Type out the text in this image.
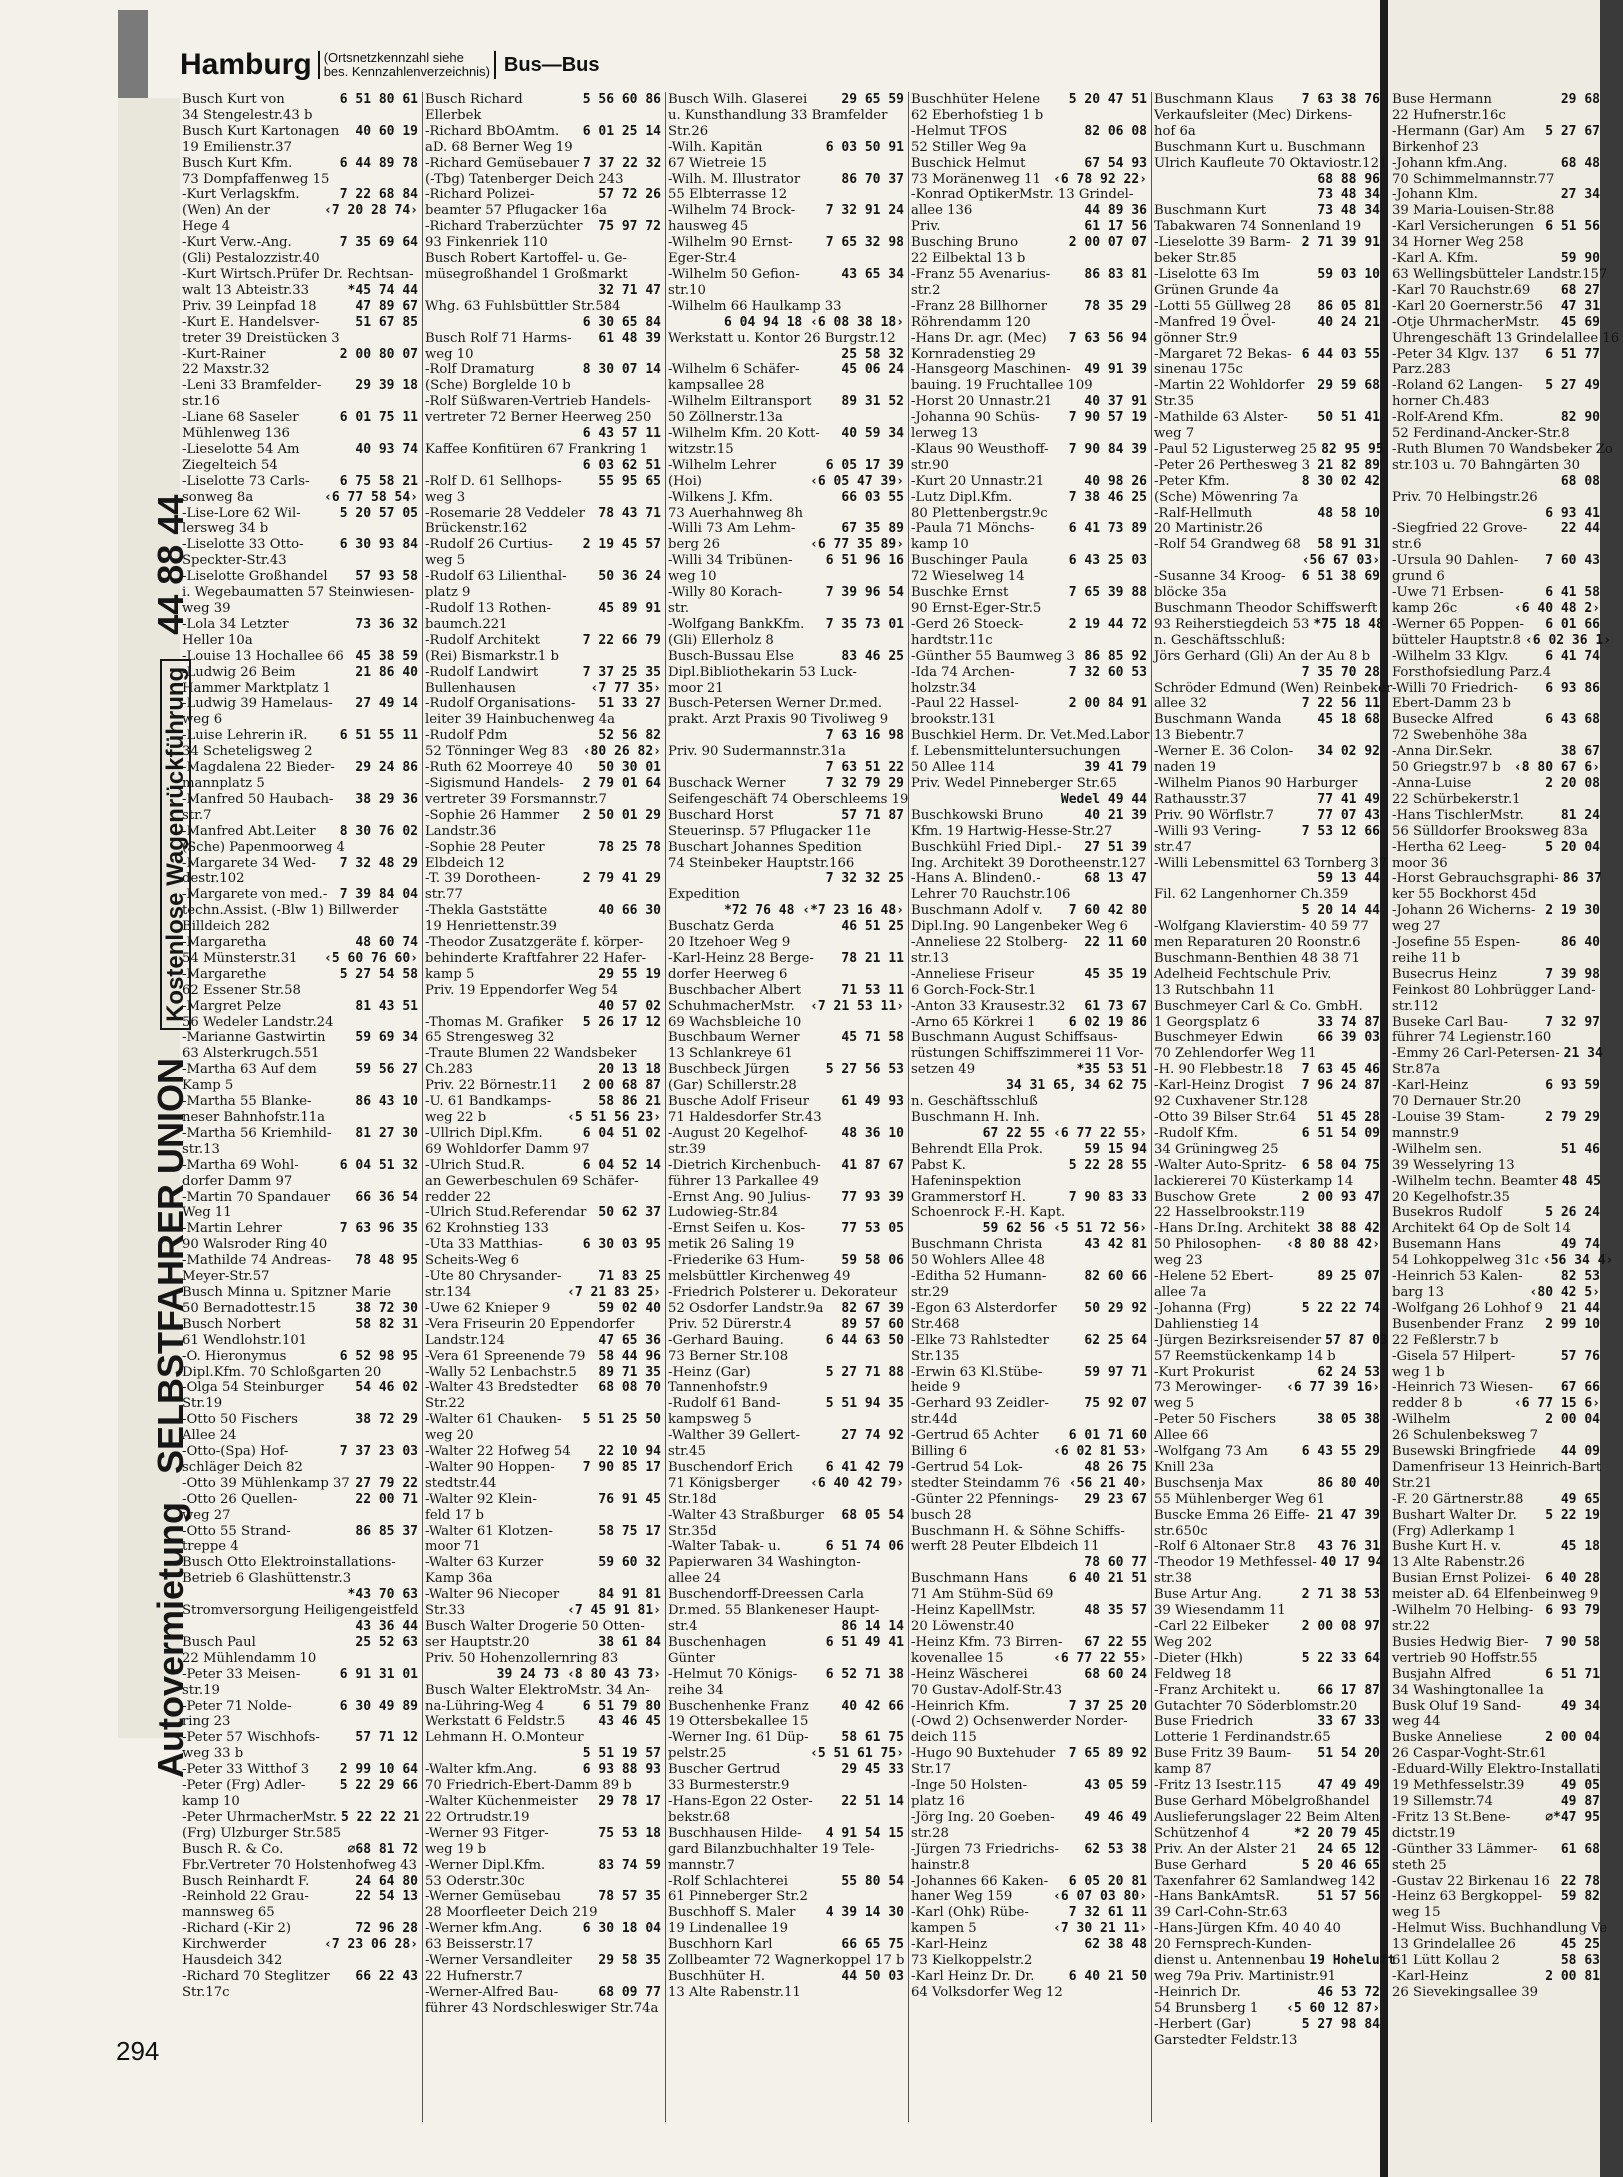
Hamburg (Ortsnetzkennzahl siehe
bes. Kennzahlenverzeichnis) Bus—Bus
Autovermietung SELBSTFAHRER UNION Kostenlose Wagenrückführung 44 88 44
Busch Kurt von	6 51 80 61
34 Stengelestr.43 b
Busch Kurt Kartonagen	40 60 19
19 Emilienstr.37
Busch Kurt Kfm.	6 44 89 78
73 Dompfaffenweg 15
-Kurt Verlagskfm.	7 22 68 84
(Wen) An der	‹7 20 28 74›
Hege 4
-Kurt Verw.-Ang.	7 35 69 64
(Gli) Pestalozzistr.40
-Kurt Wirtsch.Prüfer Dr. Rechtsan-
walt 13 Abteistr.33	*45 74 44
Priv. 39 Leinpfad 18	47 89 67
-Kurt E. Handelsver-	51 67 85
treter 39 Dreistücken 3
-Kurt-Rainer	2 00 80 07
22 Maxstr.32
-Leni 33 Bramfelder-	29 39 18
str.16
-Liane 68 Saseler	6 01 75 11
Mühlenweg 136
-Lieselotte 54 Am	40 93 74
Ziegelteich 54
-Liselotte 73 Carls-	6 75 58 21
sonweg 8a	‹6 77 58 54›
-Lise-Lore 62 Wil-	5 20 57 05
lersweg 34 b
-Liselotte 33 Otto-	6 30 93 84
Speckter-Str.43
-Liselotte Großhandel	57 93 58
i. Wegebaumatten 57 Steinwiesen-
weg 39
-Lola 34 Letzter	73 36 32
Heller 10a
-Louise 13 Hochallee 66 45 38 59
-Ludwig 26 Beim	21 86 40
Hammer Marktplatz 1
-Ludwig 39 Hamelaus-	27 49 14
weg 6
-Luise Lehrerin iR.	6 51 55 11
34 Scheteligsweg 2
-Magdalena 22 Bieder-	29 24 86
mannplatz 5
-Manfred 50 Haubach-	38 29 36
str.7
-Manfred Abt.Leiter	8 30 76 02
(Sche) Papenmoorweg 4
-Margarete 34 Wed-	7 32 48 29
destr.102
-Margarete von med.- 7 39 84 04
techn.Assist. (-Blw 1) Billwerder
Billdeich 282
-Margaretha	48 60 74
54 Münsterstr.31	‹5 60 76 60›
-Margarethe	5 27 54 58
62 Essener Str.58
-Margret Pelze	81 43 51
56 Wedeler Landstr.24
-Marianne Gastwirtin	59 69 34
63 Alsterkrugch.551
-Martha 63 Auf dem	59 56 27
Kamp 5
-Martha 55 Blanke-	86 43 10
neser Bahnhofstr.11a
-Martha 56 Kriemhild-	81 27 30
str.13
-Martha 69 Wohl-	6 04 51 32
dorfer Damm 97
-Martin 70 Spandauer	66 36 54
Weg 11
-Martin Lehrer	7 63 96 35
90 Walsroder Ring 40
-Mathilde 74 Andreas-	78 48 95
Meyer-Str.57
Busch Minna u. Spitzner Marie
50 Bernadottestr.15	38 72 30
Busch Norbert	58 82 31
61 Wendlohstr.101
-O. Hieronymus	6 52 98 95
Dipl.Kfm. 70 Schloßgarten 20
-Olga 54 Steinburger	54 46 02
Str.19
-Otto 50 Fischers	38 72 29
Allee 24
-Otto-(Spa) Hof-	7 37 23 03
schläger Deich 82
-Otto 39 Mühlenkamp 37 27 79 22
-Otto 26 Quellen-	22 00 71
weg 27
-Otto 55 Strand-	86 85 37
treppe 4
Busch Otto Elektroinstallations-
Betrieb 6 Glashüttenstr.3
*43 70 63
Stromversorgung Heiligengeistfeld
43 36 44
Busch Paul	25 52 63
22 Mühlendamm 10
-Peter 33 Meisen-	6 91 31 01
str.19
-Peter 71 Nolde-	6 30 49 89
ring 23
-Peter 57 Wischhofs-	57 71 12
weg 33 b
-Peter 33 Witthof 3	2 99 10 64
-Peter (Frg) Adler-	5 22 29 66
kamp 10
-Peter UhrmacherMstr. 5 22 22 21
(Frg) Ulzburger Str.585
Busch R. & Co.	⌀68 81 72
Fbr.Vertreter 70 Holstenhofweg 43
Busch Reinhardt F.	24 64 80
-Reinhold 22 Grau-	22 54 13
mannsweg 65
-Richard (-Kir 2)	72 96 28
Kirchwerder	‹7 23 06 28›
Hausdeich 342
-Richard 70 Steglitzer	66 22 43
Str.17c
Busch Richard	5 56 60 86
Ellerbek
-Richard BbOAmtm.	6 01 25 14
aD. 68 Berner Weg 19
-Richard Gemüsebauer 7 37 22 32
(-Tbg) Tatenberger Deich 243
-Richard Polizei-	57 72 26
beamter 57 Pflugacker 16a
-Richard Traberzüchter	75 97 72
93 Finkenriek 110
Busch Robert Kartoffel- u. Ge-
müsegroßhandel 1 Großmarkt
32 71 47
Whg. 63 Fuhlsbüttler Str.584
6 30 65 84
Busch Rolf 71 Harms-	61 48 39
weg 10
-Rolf Dramaturg	8 30 07 14
(Sche) Borglelde 10 b
-Rolf Süßwaren-Vertrieb Handels-
vertreter 72 Berner Heerweg 250
6 43 57 11
Kaffee Konfitüren 67 Frankring 1
6 03 62 51
-Rolf D. 61 Sellhops-	55 95 65
weg 3
-Rosemarie 28 Veddeler	78 43 71
Brückenstr.162
-Rudolf 26 Curtius-	2 19 45 57
weg 5
-Rudolf 63 Lilienthal-	50 36 24
platz 9
-Rudolf 13 Rothen-	45 89 91
baumch.221
-Rudolf Architekt	7 22 66 79
(Rei) Bismarkstr.1 b
-Rudolf Landwirt	7 37 25 35
Bullenhausen	‹7 77 35›
-Rudolf Organisations-	51 33 27
leiter 39 Hainbuchenweg 4a
-Rudolf Pdm	52 56 82
52 Tönninger Weg 83	‹80 26 82›
-Ruth 62 Moorreye 40	50 30 01
-Sigismund Handels-	2 79 01 64
vertreter 39 Forsmannstr.7
-Sophie 26 Hammer	2 50 01 29
Landstr.36
-Sophie 28 Peuter	78 25 78
Elbdeich 12
-T. 39 Dorotheen-	2 79 41 29
str.77
-Thekla Gaststätte	40 66 30
19 Henriettenstr.39
-Theodor Zusatzgeräte f. körper-
behinderte Kraftfahrer 22 Hafer-
kamp 5	29 55 19
Priv. 19 Eppendorfer Weg 54
40 57 02
-Thomas M. Grafiker	5 26 17 12
65 Strengesweg 32
-Traute Blumen 22 Wandsbeker
Ch.283	20 13 18
Priv. 22 Börnestr.11	2 00 68 87
-U. 61 Bandkamps-	58 86 21
weg 22 b	‹5 51 56 23›
-Ullrich Dipl.Kfm.	6 04 51 02
69 Wohldorfer Damm 97
-Ulrich Stud.R.	6 04 52 14
an Gewerbeschulen 69 Schäfer-
redder 22
-Ulrich Stud.Referendar 50 62 37
62 Krohnstieg 133
-Uta 33 Matthias-	6 30 03 95
Scheits-Weg 6
-Ute 80 Chrysander-	71 83 25
str.134	‹7 21 83 25›
-Uwe 62 Knieper 9	59 02 40
-Vera Friseurin 20 Eppendorfer
Landstr.124	47 65 36
-Vera 61 Spreenende 79	58 44 96
-Wally 52 Lenbachstr.5	89 71 35
-Walter 43 Bredstedter	68 08 70
Str.22
-Walter 61 Chauken-	5 51 25 50
weg 20
-Walter 22 Hofweg 54	22 10 94
-Walter 90 Hoppen-	7 90 85 17
stedtstr.44
-Walter 92 Klein-	76 91 45
feld 17 b
-Walter 61 Klotzen-	58 75 17
moor 71
-Walter 63 Kurzer	59 60 32
Kamp 36a
-Walter 96 Niecoper	84 91 81
Str.33	‹7 45 91 81›
Busch Walter Drogerie 50 Otten-
ser Hauptstr.20	38 61 84
Priv. 50 Hohenzollernring 83
39 24 73 ‹8 80 43 73›
Busch Walter ElektroMstr. 34 An-
na-Lühring-Weg 4	6 51 79 80
Werkstatt 6 Feldstr.5	43 46 45
Lehmann H. O.Monteur
5 51 19 57
-Walter kfm.Ang.	6 93 88 93
70 Friedrich-Ebert-Damm 89 b
-Walter Küchenmeister	29 78 17
22 Ortrudstr.19
-Werner 93 Fitger-	75 53 18
weg 19 b
-Werner Dipl.Kfm.	83 74 59
53 Oderstr.30c
-Werner Gemüsebau	78 57 35
28 Moorfleeter Deich 219
-Werner kfm.Ang.	6 30 18 04
63 Beisserstr.17
-Werner Versandleiter	29 58 35
22 Hufnerstr.7
-Werner-Alfred Bau-	68 09 77
führer 43 Nordschleswiger Str.74a
Busch Wilh. Glaserei	29 65 59
u. Kunsthandlung 33 Bramfelder
Str.26
-Wilh. Kapitän	6 03 50 91
67 Wietreie 15
-Wilh. M. Illustrator	86 70 37
55 Elbterrasse 12
-Wilhelm 74 Brock-	7 32 91 24
hausweg 45
-Wilhelm 90 Ernst-	7 65 32 98
Eger-Str.4
-Wilhelm 50 Gefion-	43 65 34
str.10
-Wilhelm 66 Haulkamp 33
6 04 94 18 ‹6 08 38 18›
Werkstatt u. Kontor 26 Burgstr.12
25 58 32
-Wilhelm 6 Schäfer-	45 06 24
kampsallee 28
-Wilhelm Eiltransport	89 31 52
50 Zöllnerstr.13a
-Wilhelm Kfm. 20 Kott-	40 59 34
witzstr.15
-Wilhelm Lehrer	6 05 17 39
(Hoi)	‹6 05 47 39›
-Wilkens J. Kfm.	66 03 55
73 Auerhahnweg 8h
-Willi 73 Am Lehm-	67 35 89
berg 26	‹6 77 35 89›
-Willi 34 Tribünen-	6 51 96 16
weg 10
-Willy 80 Korach-	7 39 96 54
str.
-Wolfgang BankKfm.	7 35 73 01
(Gli) Ellerholz 8
Busch-Bussau Else	83 46 25
Dipl.Bibliothekarin 53 Luck-
moor 21
Busch-Petersen Werner Dr.med.
prakt. Arzt Praxis 90 Tivoliweg 9
7 63 16 98
Priv. 90 Sudermannstr.31a
7 63 51 22
Buschack Werner	7 32 79 29
Seifengeschäft 74 Oberschleems 19
Buschard Horst	57 71 87
Steuerinsp. 57 Pflugacker 11e
Buschart Johannes Spedition
74 Steinbeker Hauptstr.166
7 32 32 25
Expedition
*72 76 48 ‹*7 23 16 48›
Buschatz Gerda	46 51 25
20 Itzehoer Weg 9
-Karl-Heinz 28 Berge-	78 21 11
dorfer Heerweg 6
Buschbacher Albert	71 53 11
SchuhmacherMstr.	‹7 21 53 11›
69 Wachsbleiche 10
Buschbaum Werner	45 71 58
13 Schlankreye 61
Buschbeck Jürgen	5 27 56 53
(Gar) Schillerstr.28
Busche Adolf Friseur	61 49 93
71 Haldesdorfer Str.43
-August 20 Kegelhof-	48 36 10
str.39
-Dietrich Kirchenbuch-	41 87 67
führer 13 Parkallee 49
-Ernst Ang. 90 Julius-	77 93 39
Ludowieg-Str.84
-Ernst Seifen u. Kos-	77 53 05
metik 26 Saling 19
-Friederike 63 Hum-	59 58 06
melsbüttler Kirchenweg 49
-Friedrich Polsterer u. Dekorateur
52 Osdorfer Landstr.9a	82 67 39
Priv. 52 Dürerstr.4	89 57 60
-Gerhard Bauing.	6 44 63 50
73 Berner Str.108
-Heinz (Gar)	5 27 71 88
Tannenhofstr.9
-Rudolf 61 Band-	5 51 94 35
kampsweg 5
-Walther 39 Gellert-	27 74 92
str.45
Buschendorf Erich	6 41 42 79
71 Königsberger	‹6 40 42 79›
Str.18d
-Walter 43 Straßburger	68 05 54
Str.35d
-Walter Tabak- u.	6 51 74 06
Papierwaren 34 Washington-
allee 24
Buschendorff-Dreessen Carla
Dr.med. 55 Blankeneser Haupt-
str.4	86 14 14
Buschenhagen	6 51 49 41
Günter
-Helmut 70 Königs-	6 52 71 38
reihe 34
Buschenhenke Franz	40 42 66
19 Ottersbekallee 15
-Werner Ing. 61 Düp-	58 61 75
pelstr.25	‹5 51 61 75›
Buscher Gertrud	29 45 33
33 Burmesterstr.9
-Hans-Egon 22 Oster-	22 51 14
bekstr.68
Buschhausen Hilde-	4 91 54 15
gard Bilanzbuchhalter 19 Tele-
mannstr.7
-Rolf Schlachterei	55 80 54
61 Pinneberger Str.2
Buschhoff S. Maler	4 39 14 30
19 Lindenallee 19
Buschhorn Karl	66 65 75
Zollbeamter 72 Wagnerkoppel 17 b
Buschhüter H.	44 50 03
13 Alte Rabenstr.11
Buschhüter Helene	5 20 47 51
62 Eberhofstieg 1 b
-Helmut TFOS	82 06 08
52 Stiller Weg 9a
Buschick Helmut	67 54 93
73 Moränenweg 11 ‹6 78 92 22›
-Konrad OptikerMstr. 13 Grindel-
allee 136	44 89 36
Priv.	61 17 56
Busching Bruno	2 00 07 07
22 Eilbektal 13 b
-Franz 55 Avenarius-	86 83 81
str.2
-Franz 28 Billhorner	78 35 29
Röhrendamm 120
-Hans Dr. agr. (Mec)	7 63 56 94
Kornradenstieg 29
-Hansgeorg Maschinen-	49 91 39
bauing. 19 Fruchtallee 109
-Horst 20 Unnastr.21	40 37 91
-Johanna 90 Schüs-	7 90 57 19
lerweg 13
-Klaus 90 Weusthoff-	7 90 84 39
str.90
-Kurt 20 Unnastr.21	40 98 26
-Lutz Dipl.Kfm.	7 38 46 25
80 Plettenbergstr.9c
-Paula 71 Mönchs-	6 41 73 89
kamp 10
Buschinger Paula	6 43 25 03
72 Wieselweg 14
Buschke Ernst	7 65 39 88
90 Ernst-Eger-Str.5
-Gerd 26 Stoeck-	2 19 44 72
hardtstr.11c
-Günther 55 Baumweg 3 86 85 92
-Ida 74 Archen-	7 32 60 53
holzstr.34
-Paul 22 Hassel-	2 00 84 91
brookstr.131
Buschkiel Herm. Dr. Vet.Med.Labor
f. Lebensmitteluntersuchungen
50 Allee 114	39 41 79
Priv. Wedel Pinneberger Str.65
Wedel 49 44
Buschkowski Bruno	40 21 39
Kfm. 19 Hartwig-Hesse-Str.27
Buschkühl Fried Dipl.-	27 51 39
Ing. Architekt 39 Dorotheenstr.127
-Hans A. Blinden0.-	68 13 47
Lehrer 70 Rauchstr.106
Buschmann Adolf v.	7 60 42 80
Dipl.Ing. 90 Langenbeker Weg 6
-Anneliese 22 Stolberg-	22 11 60
str.13
-Anneliese Friseur	45 35 19
6 Gorch-Fock-Str.1
-Anton 33 Krausestr.32	61 73 67
-Arno 65 Körkrei 1	6 02 19 86
Buschmann August Schiffsaus-
rüstungen Schiffszimmerei 11 Vor-
setzen 49	*35 53 51
34 31 65, 34 62 75
n. Geschäftsschluß
Buschmann H. Inh.
67 22 55 ‹6 77 22 55›
Behrendt Ella Prok.	59 15 94
Pabst K.	5 22 28 55
Hafeninspektion
Grammerstorf H.	7 90 83 33
Schoenrock F.-H. Kapt.
59 62 56 ‹5 51 72 56›
Buschmann Christa	43 42 81
50 Wohlers Allee 48
-Editha 52 Humann-	82 60 66
str.29
-Egon 63 Alsterdorfer	50 29 92
Str.468
-Elke 73 Rahlstedter	62 25 64
Str.135
-Erwin 63 Kl.Stübe-	59 97 71
heide 9
-Gerhard 93 Zeidler-	75 92 07
str.44d
-Gertrud 65 Achter	6 01 71 60
Billing 6	‹6 02 81 53›
-Gertrud 54 Lok-	48 26 75
stedter Steindamm 76 ‹56 21 40›
-Günter 22 Pfennings-	29 23 67
busch 28
Buschmann H. & Söhne Schiffs-
werft 28 Peuter Elbdeich 11
78 60 77
Buschmann Hans	6 40 21 51
71 Am Stühm-Süd 69
-Heinz KapellMstr.	48 35 57
20 Löwenstr.40
-Heinz Kfm. 73 Birren-	67 22 55
kovenallee 15	‹6 77 22 55›
-Heinz Wäscherei	68 60 24
70 Gustav-Adolf-Str.43
-Heinrich Kfm.	7 37 25 20
(-Owd 2) Ochsenwerder Norder-
deich 115
-Hugo 90 Buxtehuder	7 65 89 92
Str.17
-Inge 50 Holsten-	43 05 59
platz 16
-Jörg Ing. 20 Goeben-	49 46 49
str.28
-Jürgen 73 Friedrichs-	62 53 38
hainstr.8
-Johannes 66 Kaken-	6 05 20 81
haner Weg 159	‹6 07 03 80›
-Karl (Ohk) Rübe-	7 32 61 11
kampen 5	‹7 30 21 11›
-Karl-Heinz	62 38 48
73 Kielkoppelstr.2
-Karl Heinz Dr. Dr.	6 40 21 50
64 Volksdorfer Weg 12
Buschmann Klaus	7 63 38 76
Verkaufsleiter (Mec) Dirkens-
hof 6a
Buschmann Kurt u. Buschmann
Ulrich Kaufleute 70 Oktaviostr.121
68 88 96
73 48 34
Buschmann Kurt	73 48 34
Tabakwaren 74 Sonnenland 19
-Lieselotte 39 Barm- 2 71 39 91
beker Str.85
-Liselotte 63 Im	59 03 10
Grünen Grunde 4a
-Lotti 55 Güllweg 28	86 05 81
-Manfred 19 Övel-	40 24 21
gönner Str.9
-Margaret 72 Bekas- 6 44 03 55
sinenau 175c
-Martin 22 Wohldorfer	29 59 68
Str.35
-Mathilde 63 Alster-	50 51 41
weg 7
-Paul 52 Ligusterweg 25 82 95 95
-Peter 26 Perthesweg 3 21 82 89
-Peter Kfm.	8 30 02 42
(Sche) Möwenring 7a
-Ralf-Hellmuth	48 58 10
20 Martinistr.26
-Rolf 54 Grandweg 68	58 91 31
‹56 67 03›
-Susanne 34 Kroog-	6 51 38 69
blöcke 35a
Buschmann Theodor Schiffswerft
93 Reiherstiegdeich 53 *75 18 48
n. Geschäftsschluß:
Jörs Gerhard (Gli) An der Au 8 b
7 35 70 28
Schröder Edmund (Wen) Reinbeker
allee 32	7 22 56 11
Buschmann Wanda	45 18 68
13 Biebentr.7
-Werner E. 36 Colon-	34 02 92
naden 19
-Wilhelm Pianos 90 Harburger
Rathausstr.37	77 41 49
Priv. 90 Wörflstr.7	77 07 43
-Willi 93 Vering-	7 53 12 66
str.47
-Willi Lebensmittel 63 Tornberg 37
59 13 44
Fil. 62 Langenhorner Ch.359
5 20 14 44
-Wolfgang Klavierstim- 40 59 77
men Reparaturen 20 Roonstr.6
Buschmann-Benthien 48 38 71
Adelheid Fechtschule Priv.
13 Rutschbahn 11
Buschmeyer Carl & Co. GmbH.
1 Georgsplatz 6	33 74 87
Buschmeyer Edwin	66 39 03
70 Zehlendorfer Weg 11
-H. 90 Flebbestr.18	7 63 45 46
-Karl-Heinz Drogist	7 96 24 87
92 Cuxhavener Str.128
-Otto 39 Bilser Str.64	51 45 28
-Rudolf Kfm.	6 51 54 09
34 Grüningweg 25
-Walter Auto-Spritz-	6 58 04 75
lackiererei 70 Küsterkamp 14
Buschow Grete	2 00 93 47
22 Hasselbrookstr.119
-Hans Dr.Ing. Architekt 38 88 42
50 Philosophen-	‹8 80 88 42›
weg 23
-Helene 52 Ebert-	89 25 07
allee 7a
-Johanna (Frg)	5 22 22 74
Dahlienstieg 14
-Jürgen Bezirksreisender 57 87 03
57 Reemstückenkamp 14 b
-Kurt Prokurist	62 24 53
73 Merowinger-	‹6 77 39 16›
weg 5
-Peter 50 Fischers	38 05 38
Allee 66
-Wolfgang 73 Am	6 43 55 29
Knill 23a
Buschsenja Max	86 80 40
55 Mühlenberger Weg 61
Buscke Emma 26 Eiffe- 21 47 39
str.650c
-Rolf 6 Altonaer Str.8	43 76 31
-Theodor 19 Methfessel- 40 17 94
str.38
Buse Artur Ang.	2 71 38 53
39 Wiesendamm 11
-Carl 22 Eilbeker	2 00 08 97
Weg 202
-Dieter (Hkh)	5 22 33 64
Feldweg 18
-Franz Architekt u.	66 17 87
Gutachter 70 Söderblomstr.20
Buse Friedrich	33 67 33
Lotterie 1 Ferdinandstr.65
Buse Fritz 39 Baum-	51 54 20
kamp 87
-Fritz 13 Isestr.115	47 49 49
Buse Gerhard Möbelgroßhandel
Auslieferungslager 22 Beim Alten
Schützenhof 4	*2 20 79 45
Priv. An der Alster 21	24 65 12
Buse Gerhard	5 20 46 65
Taxenfahrer 62 Samlandweg 142
-Hans BankAmtsR.	51 57 56
39 Carl-Cohn-Str.63
-Hans-Jürgen Kfm. 40 40 40
20 Fernsprech-Kunden-
dienst u. Antennenbau 19 Hoheluft
weg 79a Priv. Martinistr.91
-Heinrich Dr.	46 53 72
54 Brunsberg 1	‹5 60 12 87›
-Herbert (Gar)	5 27 98 84
Garstedter Feldstr.13
Buse Hermann	29 68
22 Hufnerstr.16c
-Hermann (Gar) Am	5 27 67
Birkenhof 23
-Johann kfm.Ang.	68 48
70 Schimmelmannstr.77
-Johann Klm.	27 34
39 Maria-Louisen-Str.88
-Karl Versicherungen 6 51 56
34 Horner Weg 258
-Karl A. Kfm.	59 90
63 Wellingsbütteler Landstr.157
-Karl 70 Rauchstr.69	68 27
-Karl 20 Goernerstr.56	47 31
-Otje UhrmacherMstr.	45 69
Uhrengeschäft 13 Grindelallee 16
-Peter 34 Klgv. 137	6 51 77
Parz.283
-Roland 62 Langen-	5 27 49
horner Ch.483
-Rolf-Arend Kfm.	82 90
52 Ferdinand-Ancker-Str.8
-Ruth Blumen 70 Wandsbeker Zo
str.103 u. 70 Bahngärten 30
68 08
Priv. 70 Helbingstr.26
6 93 41
-Siegfried 22 Grove-	22 44
str.6
-Ursula 90 Dahlen-	7 60 43
grund 6
-Uwe 71 Erbsen-	6 41 58
kamp 26c	‹6 40 48 2›
-Werner 65 Poppen-	6 01 66
bütteler Hauptstr.8 ‹6 02 36 1›
-Wilhelm 33 Klgv.	6 41 74
Forsthofsiedlung Parz.4
-Willi 70 Friedrich-	6 93 86
Ebert-Damm 23 b
Busecke Alfred	6 43 68
72 Swebenhöhe 38a
-Anna Dir.Sekr.	38 67
50 Griegstr.97 b	‹8 80 67 6›
-Anna-Luise	2 20 08
22 Schürbekerstr.1
-Hans TischlerMstr.	81 24
56 Sülldorfer Brooksweg 83a
-Hertha 62 Leeg-	5 20 04
moor 36
-Horst Gebrauchsgraphi- 86 37
ker 55 Bockhorst 45d
-Johann 26 Wicherns- 2 19 30
weg 27
-Josefine 55 Espen-	86 40
reihe 11 b
Busecrus Heinz	7 39 98
Feinkost 80 Lohbrügger Land-
str.112
Buseke Carl Bau-	7 32 97
führer 74 Legienstr.160
-Emmy 26 Carl-Petersen- 21 34
Str.87a
-Karl-Heinz	6 93 59
70 Dernauer Str.20
-Louise 39 Stam-	2 79 29
mannstr.9
-Wilhelm sen.	51 46
39 Wesselyring 13
-Wilhelm techn. Beamter 48 45
20 Kegelhofstr.35
Busekros Rudolf	5 26 24
Architekt 64 Op de Solt 14
Busemann Hans	49 74
54 Lohkoppelweg 31c ‹56 34 4›
-Heinrich 53 Kalen-	82 53
barg 13	‹80 42 5›
-Wolfgang 26 Lohhof 9	21 44
Busenbender Franz	2 99 10
22 Feßlerstr.7 b
-Gisela 57 Hilpert-	57 76
weg 1 b
-Heinrich 73 Wiesen-	67 66
redder 8 b	‹6 77 15 6›
-Wilhelm	2 00 04
26 Schulenbeksweg 7
Busewski Bringfriede	44 09
Damenfriseur 13 Heinrich-Bart
Str.21
-F. 20 Gärtnerstr.88	49 65
Bushart Walter Dr.	5 22 19
(Frg) Adlerkamp 1
Bushe Kurt H. v.	45 18
13 Alte Rabenstr.26
Busian Ernst Polizei-	6 40 28
meister aD. 64 Elfenbeinweg 9
-Wilhelm 70 Helbing- 6 93 79
str.22
Busies Hedwig Bier-	7 90 58
vertrieb 90 Hoffstr.55
Busjahn Alfred	6 51 71
34 Washingtonallee 1a
Busk Oluf 19 Sand-	49 34
weg 44
Buske Anneliese	2 00 04
26 Caspar-Voght-Str.61
-Eduard-Willy Elektro-Installati
19 Methfesselstr.39	49 05
19 Sillemstr.74	49 87
-Fritz 13 St.Bene-	⌀*47 95
dictstr.19
-Günther 33 Lämmer-	61 68
steth 25
-Gustav 22 Birkenau 16 22 78
-Heinz 63 Bergkoppel-	59 82
weg 15
-Helmut Wiss. Buchhandlung Ve
13 Grindelallee 26	45 25
61 Lütt Kollau 2	58 63
-Karl-Heinz	2 00 81
26 Sievekingsallee 39
294
